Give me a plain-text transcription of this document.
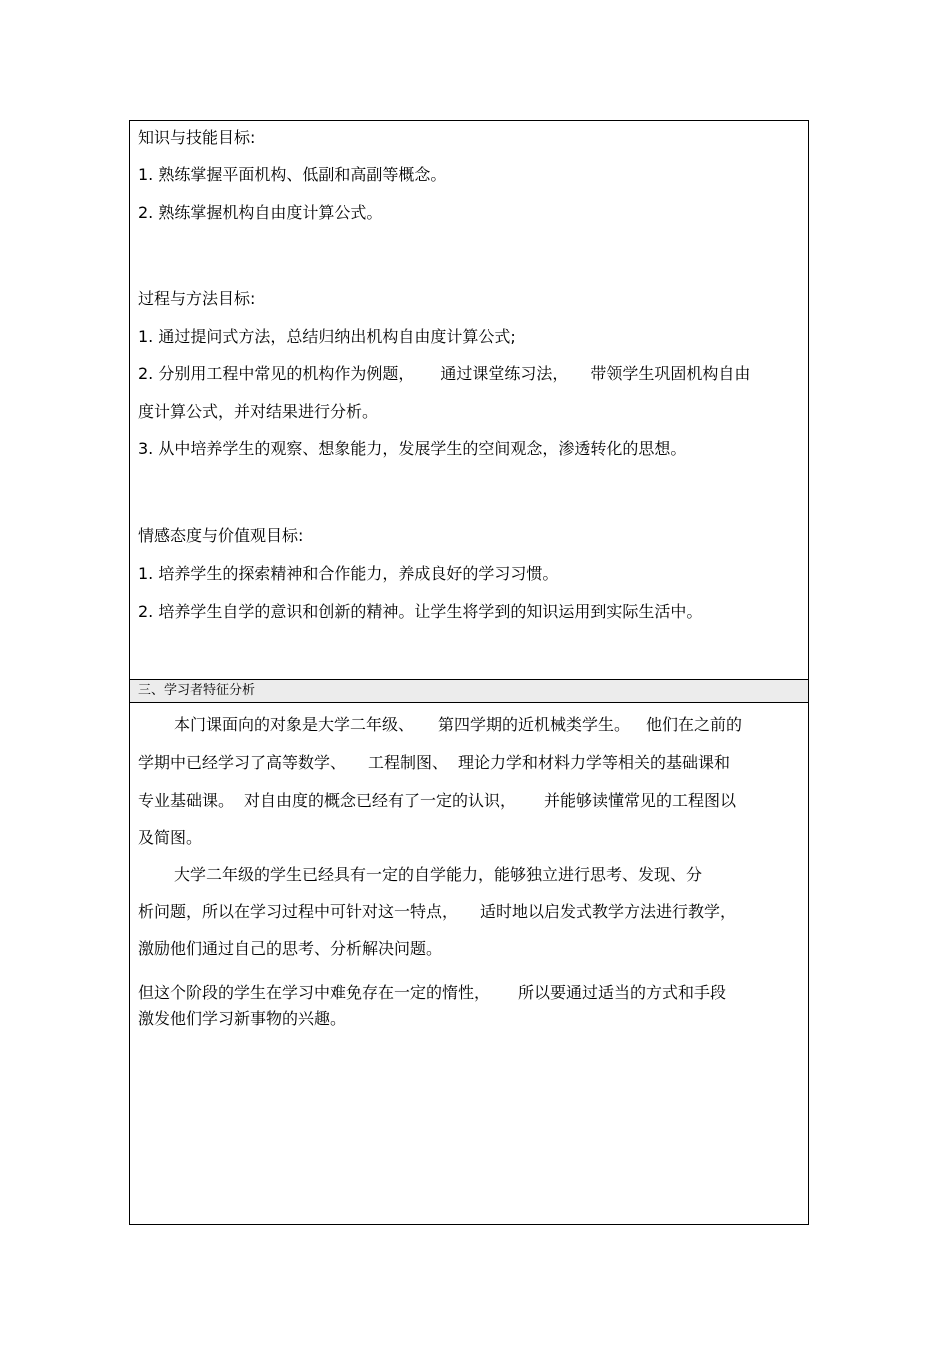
知识与技能目标:
1. 熟练掌握平面机构、低副和高副等概念。
2. 熟练掌握机构自由度计算公式。
过程与方法目标:
1. 通过提问式方法，总结归纳出机构自由度计算公式;
2. 分别用工程中常见的机构作为例题， 通过课堂练习法， 带领学生巩固机构自由
度计算公式，并对结果进行分析。
3. 从中培养学生的观察、想象能力，发展学生的空间观念，渗透转化的思想。
情感态度与价值观目标:
1. 培养学生的探索精神和合作能力，养成良好的学习习惯。
2. 培养学生自学的意识和创新的精神。让学生将学到的知识运用到实际生活中。
三、学习者特征分析
本门课面向的对象是大学二年级、 第四学期的近机械类学生。 他们在之前的
学期中已经学习了高等数学、 工程制图、 理论力学和材料力学等相关的基础课和
专业基础课。 对自由度的概念已经有了一定的认识， 并能够读懂常见的工程图以
及简图。
大学二年级的学生已经具有一定的自学能力，能够独立进行思考、发现、分
析问题，所以在学习过程中可针对这一特点， 适时地以启发式教学方法进行教学，
激励他们通过自己的思考、分析解决问题。
但这个阶段的学生在学习中难免存在一定的惰性， 所以要通过适当的方式和手段
激发他们学习新事物的兴趣。
